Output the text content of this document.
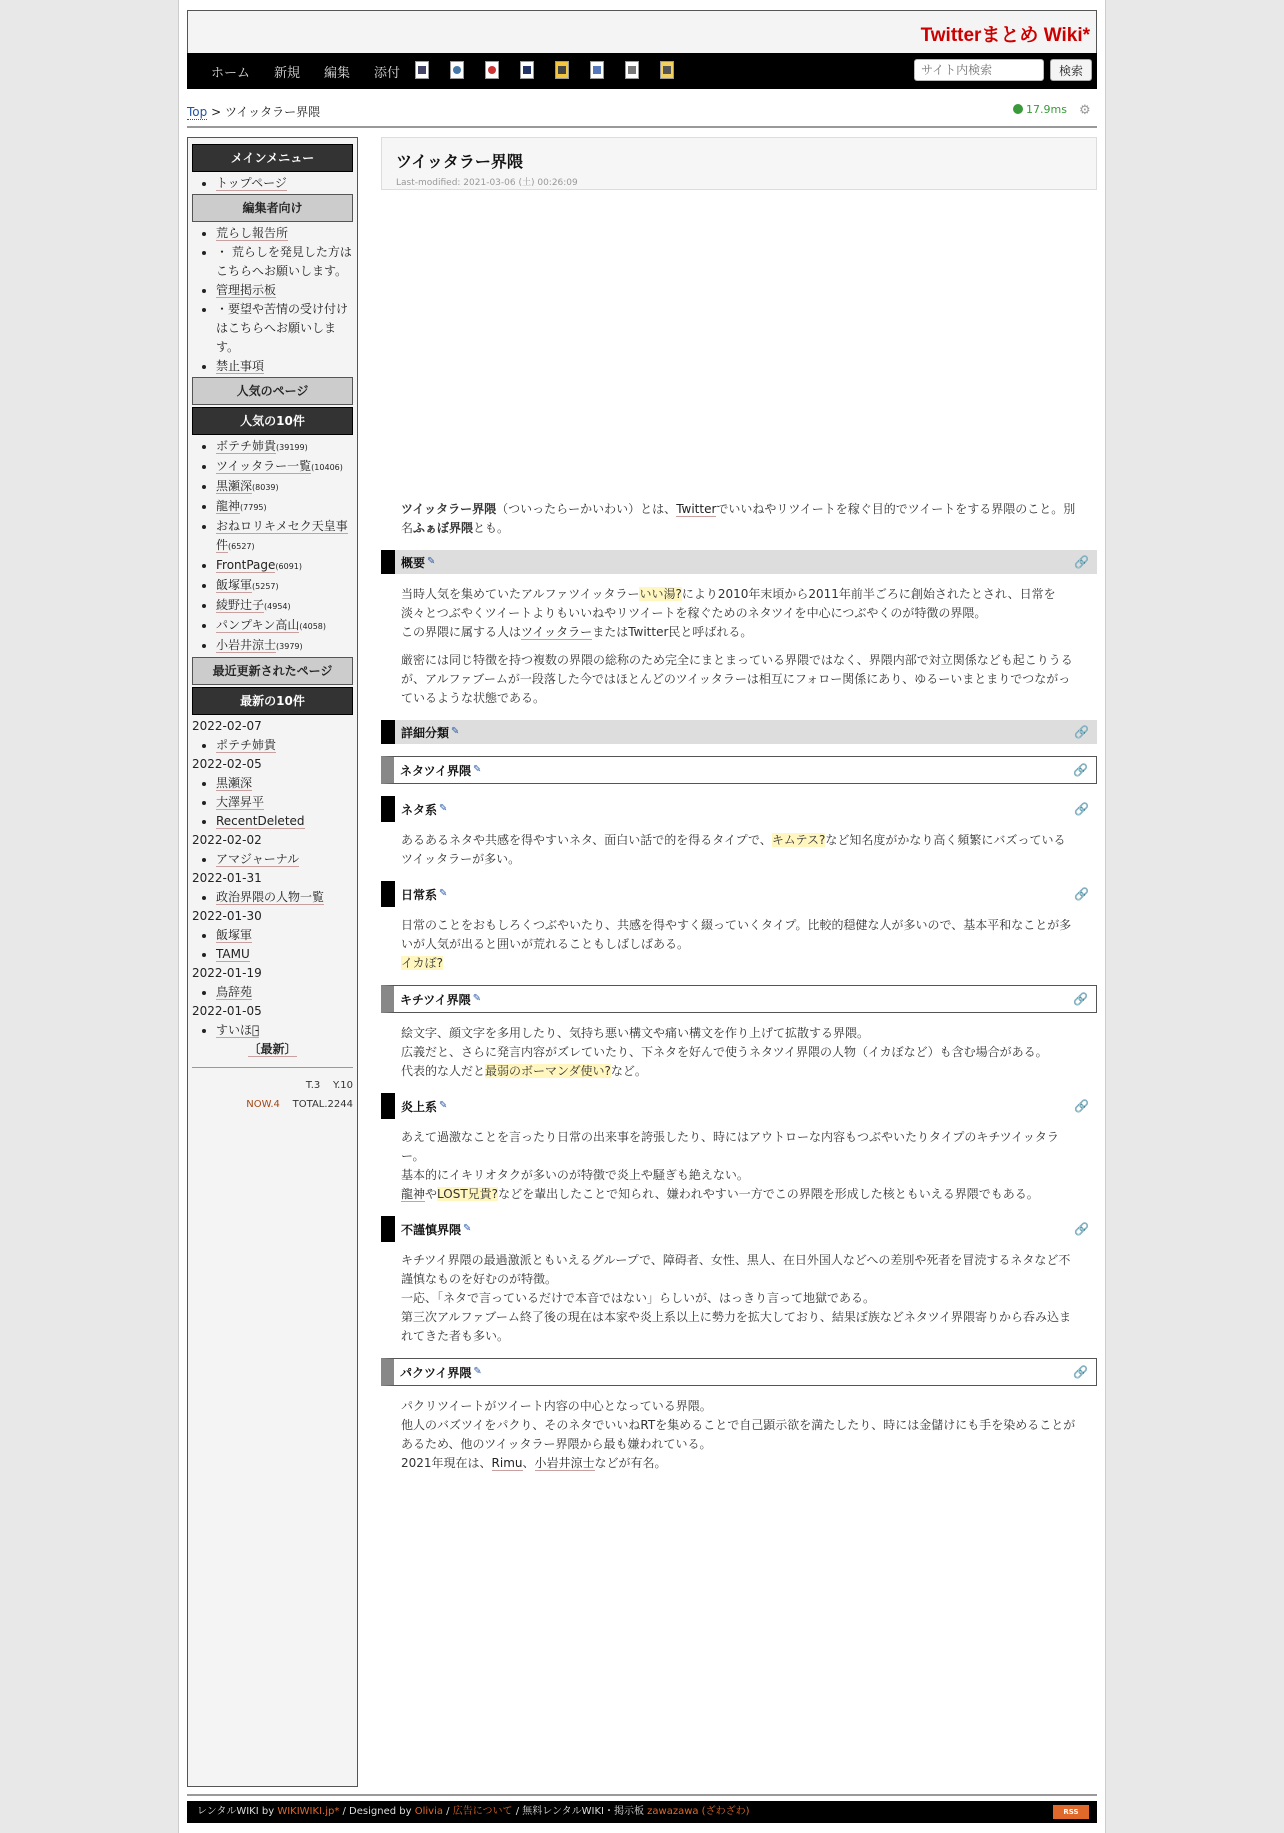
Twitterまとめ Wiki*
ホーム 新規 編集 添付
サイト内検索	検索
Top > ツイッタラー界隈	17.9ms ⚙
メインメニュー
• トップページ
編集者向け
• 荒らし報告所
• ・ 荒らしを発見した方はこちらへお願いします。
• 管理掲示板
• ・要望や苦情の受け付けはこちらへお願いします。
• 禁止事項
人気のページ
人気の10件
• ボテチ姉貴(39199)
• ツイッタラー一覧(10406)
• 黒瀬深(8039)
• 龍神(7795)
• おねロリキメセク天皇事件(6527)
• FrontPage(6091)
• 飯塚軍(5257)
• 綾野辻子(4954)
• パンプキン高山(4058)
• 小岩井涼士(3979)
最近更新されたページ
最新の10件
2022-02-07
• ポテチ姉貴
2022-02-05
• 黒瀬深
• 大澤昇平
• RecentDeleted
2022-02-02
• アマジャーナル
2022-01-31
• 政治界隈の人物一覧
2022-01-30
• 飯塚軍
• TAMU
2022-01-19
• 鳥辞苑
2022-01-05
• すいほう̵̵̵̵
〔最新〕
T.3 Y.10
NOW.4 TOTAL.2244
ツイッタラー界隈
Last-modified: 2021-03-06 (土) 00:26:09
ツイッタラー界隈（ついったらーかいわい）とは、Twitterでいいねやリツイートを稼ぐ目的でツイートをする界隈のこと。別名ふぁぼ界隈とも。
概要 ✎	🔗
当時人気を集めていたアルファツイッタラーいい湯?により2010年末頃から2011年前半ごろに創始されたとされ、日常を淡々とつぶやくツイートよりもいいねやリツイートを稼ぐためのネタツイを中心につぶやくのが特徴の界隈。
この界隈に属する人はツイッタラーまたはTwitter民と呼ばれる。
厳密には同じ特徴を持つ複数の界隈の総称のため完全にまとまっている界隈ではなく、界隈内部で対立関係なども起こりうるが、アルファブームが一段落した今ではほとんどのツイッタラーは相互にフォロー関係にあり、ゆるーいまとまりでつながっているような状態である。
詳細分類 ✎	🔗
ネタツイ界隈 ✎	🔗
ネタ系 ✎	🔗
あるあるネタや共感を得やすいネタ、面白い話で的を得るタイプで、キムテス?など知名度がかなり高く頻繁にバズっているツイッタラーが多い。
日常系 ✎	🔗
日常のことをおもしろくつぶやいたり、共感を得やすく綴っていくタイプ。比較的穏健な人が多いので、基本平和なことが多いが人気が出ると囲いが荒れることもしばしばある。
イカぼ?
キチツイ界隈 ✎	🔗
絵文字、顔文字を多用したり、気持ち悪い構文や痛い構文を作り上げて拡散する界隈。
広義だと、さらに発言内容がズレていたり、下ネタを好んで使うネタツイ界隈の人物（イカぼなど）も含む場合がある。
代表的な人だと最弱のボーマンダ使い?など。
炎上系 ✎	🔗
あえて過激なことを言ったり日常の出来事を誇張したり、時にはアウトローな内容もつぶやいたりタイプのキチツイッタラー。
基本的にイキリオタクが多いのが特徴で炎上や騒ぎも絶えない。
龍神やLOST兄貴?などを輩出したことで知られ、嫌われやすい一方でこの界隈を形成した核ともいえる界隈でもある。
不謹慎界隈 ✎	🔗
キチツイ界隈の最過激派ともいえるグループで、障碍者、女性、黒人、在日外国人などへの差別や死者を冒涜するネタなど不謹慎なものを好むのが特徴。
一応、「ネタで言っているだけで本音ではない」らしいが、はっきり言って地獄である。
第三次アルファブーム終了後の現在は本家や炎上系以上に勢力を拡大しており、結果ぼ族などネタツイ界隈寄りから呑み込まれてきた者も多い。
パクツイ界隈 ✎	🔗
パクリツイートがツイート内容の中心となっている界隈。
他人のバズツイをパクり、そのネタでいいねRTを集めることで自己顕示欲を満たしたり、時には金儲けにも手を染めることがあるため、他のツイッタラー界隈から最も嫌われている。
2021年現在は、Rimu、小岩井涼士などが有名。
レンタルWIKI by WIKIWIKI.jp* / Designed by Olivia / 広告について / 無料レンタルWIKI・掲示板 zawazawa (ざわざわ)	RSS FEED
